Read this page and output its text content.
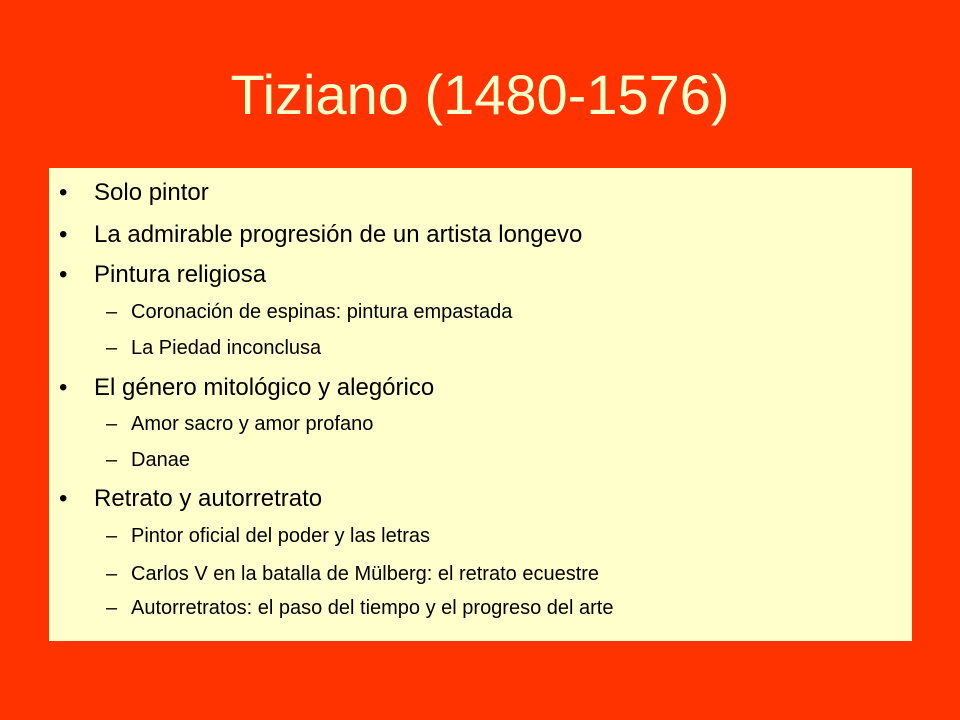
Tiziano (1480-1576)
• Solo pintor
• La admirable progresión de un artista longevo
• Pintura religiosa
– Coronación de espinas: pintura empastada
– La Piedad inconclusa
• El género mitológico y alegórico
– Amor sacro y amor profano
– Danae
• Retrato y autorretrato
– Pintor oficial del poder y las letras
– Carlos V en la batalla de Mülberg: el retrato ecuestre
– Autorretratos: el paso del tiempo y el progreso del arte
